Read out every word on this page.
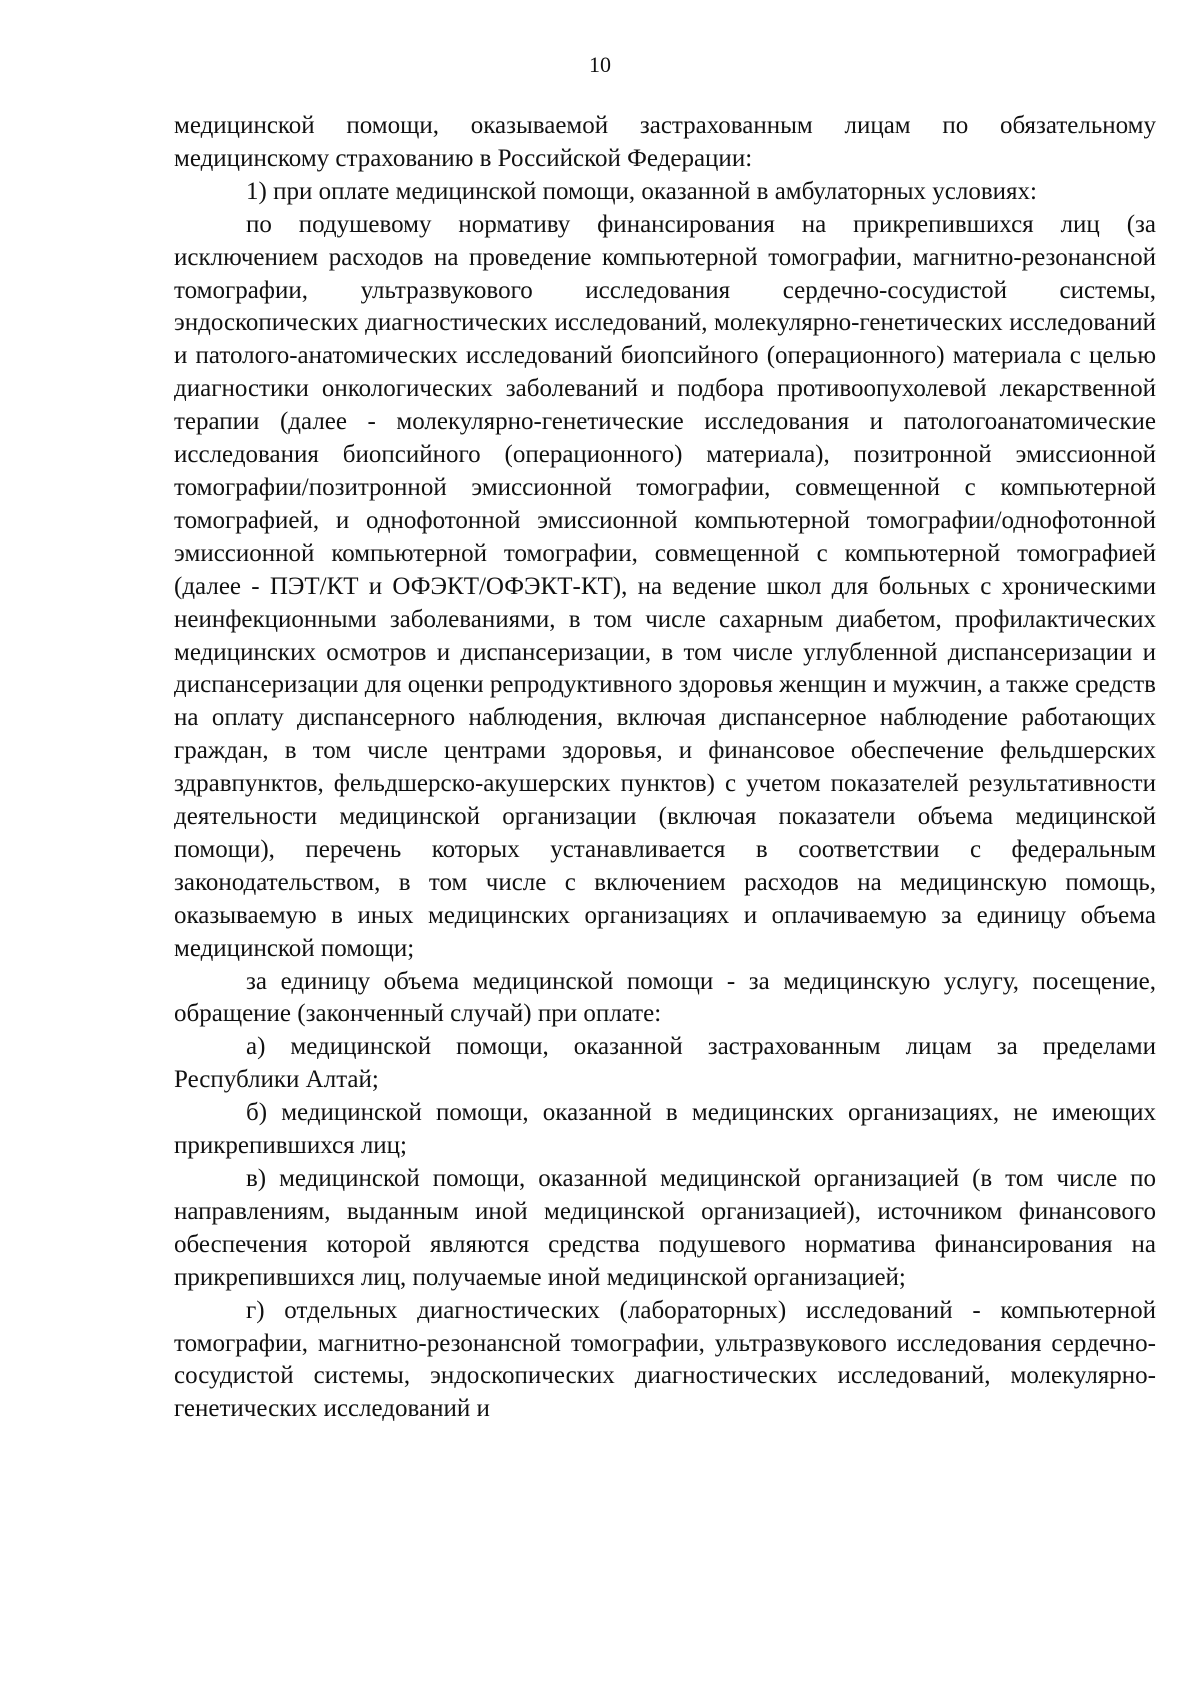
10

медицинской помощи, оказываемой застрахованным лицам по обязательному медицинскому страхованию в Российской Федерации:

1) при оплате медицинской помощи, оказанной в амбулаторных условиях:

по подушевому нормативу финансирования на прикрепившихся лиц (за исключением расходов на проведение компьютерной томографии, магнитно-резонансной томографии, ультразвукового исследования сердечно-сосудистой системы, эндоскопических диагностических исследований, молекулярно-генетических исследований и патолого-анатомических исследований биопсийного (операционного) материала с целью диагностики онкологических заболеваний и подбора противоопухолевой лекарственной терапии (далее - молекулярно-генетические исследования и патологоанатомические исследования биопсийного (операционного) материала), позитронной эмиссионной томографии/позитронной эмиссионной томографии, совмещенной с компьютерной томографией, и однофотонной эмиссионной компьютерной томографии/однофотонной эмиссионной компьютерной томографии, совмещенной с компьютерной томографией (далее - ПЭТ/КТ и ОФЭКТ/ОФЭКТ-КТ), на ведение школ для больных с хроническими неинфекционными заболеваниями, в том числе сахарным диабетом, профилактических медицинских осмотров и диспансеризации, в том числе углубленной диспансеризации и диспансеризации для оценки репродуктивного здоровья женщин и мужчин, а также средств на оплату диспансерного наблюдения, включая диспансерное наблюдение работающих граждан, в том числе центрами здоровья, и финансовое обеспечение фельдшерских здравпунктов, фельдшерско-акушерских пунктов) с учетом показателей результативности деятельности медицинской организации (включая показатели объема медицинской помощи), перечень которых устанавливается в соответствии с федеральным законодательством, в том числе с включением расходов на медицинскую помощь, оказываемую в иных медицинских организациях и оплачиваемую за единицу объема медицинской помощи;

за единицу объема медицинской помощи - за медицинскую услугу, посещение, обращение (законченный случай) при оплате:

а) медицинской помощи, оказанной застрахованным лицам за пределами Республики Алтай;

б) медицинской помощи, оказанной в медицинских организациях, не имеющих прикрепившихся лиц;

в) медицинской помощи, оказанной медицинской организацией (в том числе по направлениям, выданным иной медицинской организацией), источником финансового обеспечения которой являются средства подушевого норматива финансирования на прикрепившихся лиц, получаемые иной медицинской организацией;

г) отдельных диагностических (лабораторных) исследований - компьютерной томографии, магнитно-резонансной томографии, ультразвукового исследования сердечно-сосудистой системы, эндоскопических диагностических исследований, молекулярно-генетических исследований и
